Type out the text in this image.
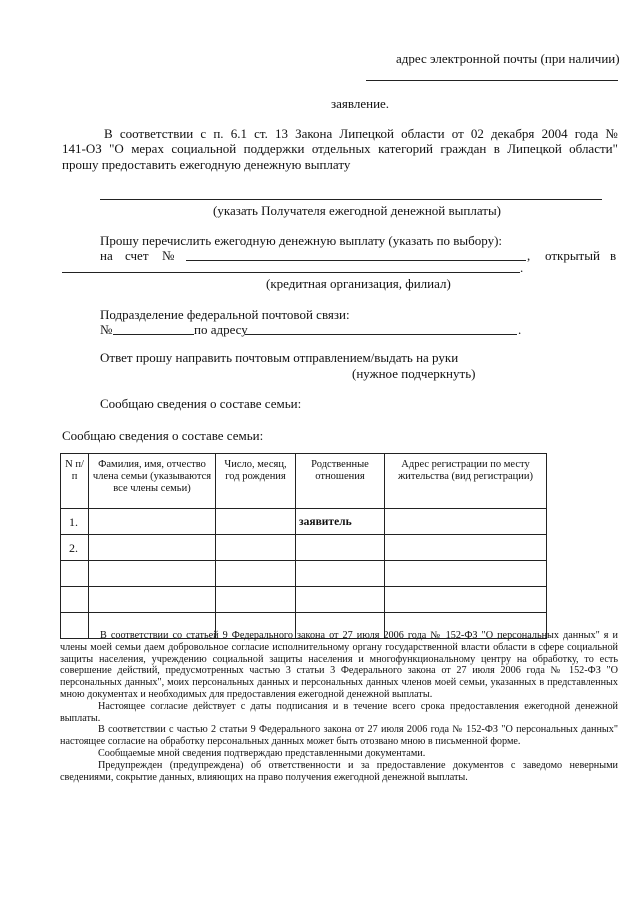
адрес электронной почты (при наличии)
заявление.
В соответствии с п. 6.1 ст. 13 Закона Липецкой области от 02 декабря 2004 года №
141-ОЗ "О мерах социальной поддержки отдельных категорий граждан в Липецкой области"
прошу предоставить ежегодную денежную выплату
(указать Получателя ежегодной денежной выплаты)
Прошу перечислить ежегодную денежную выплату (указать по выбору):
на счет №	, открытый в
.
(кредитная организация, филиал)
Подразделение федеральной почтовой связи:
№	по адресу	.
Ответ прошу направить почтовым отправлением/выдать на руки
(нужное подчеркнуть)
Сообщаю сведения о составе семьи:
Сообщаю сведения о составе семьи:
N п/п	Фамилия, имя, отчество члена семьи (указываются все члены семьи)	Число, месяц, год рождения	Родственные отношения	Адрес регистрации по месту жительства (вид регистрации)
1.			заявитель	
2.				

В соответствии со статьей 9 Федерального закона от 27 июля 2006 года № 152-ФЗ "О персональных данных" я и члены моей семьи даем добровольное согласие исполнительному органу государственной власти области в сфере социальной защиты населения, учреждению социальной защиты населения и многофункциональному центру на обработку, то есть совершение действий, предусмотренных частью 3 статьи 3 Федерального закона от 27 июля 2006 года № 152-ФЗ "О персональных данных", моих персональных данных и персональных данных членов моей семьи, указанных в представленных мною документах и необходимых для предоставления ежегодной денежной выплаты.

Настоящее согласие действует с даты подписания и в течение всего срока предоставления ежегодной денежной выплаты.

В соответствии с частью 2 статьи 9 Федерального закона от 27 июля 2006 года № 152-ФЗ "О персональных данных" настоящее согласие на обработку персональных данных может быть отозвано мною в письменной форме.

Сообщаемые мной сведения подтверждаю представленными документами.

Предупрежден (предупреждена) об ответственности и за предоставление документов с заведомо неверными сведениями, сокрытие данных, влияющих на право получения ежегодной денежной выплаты.
